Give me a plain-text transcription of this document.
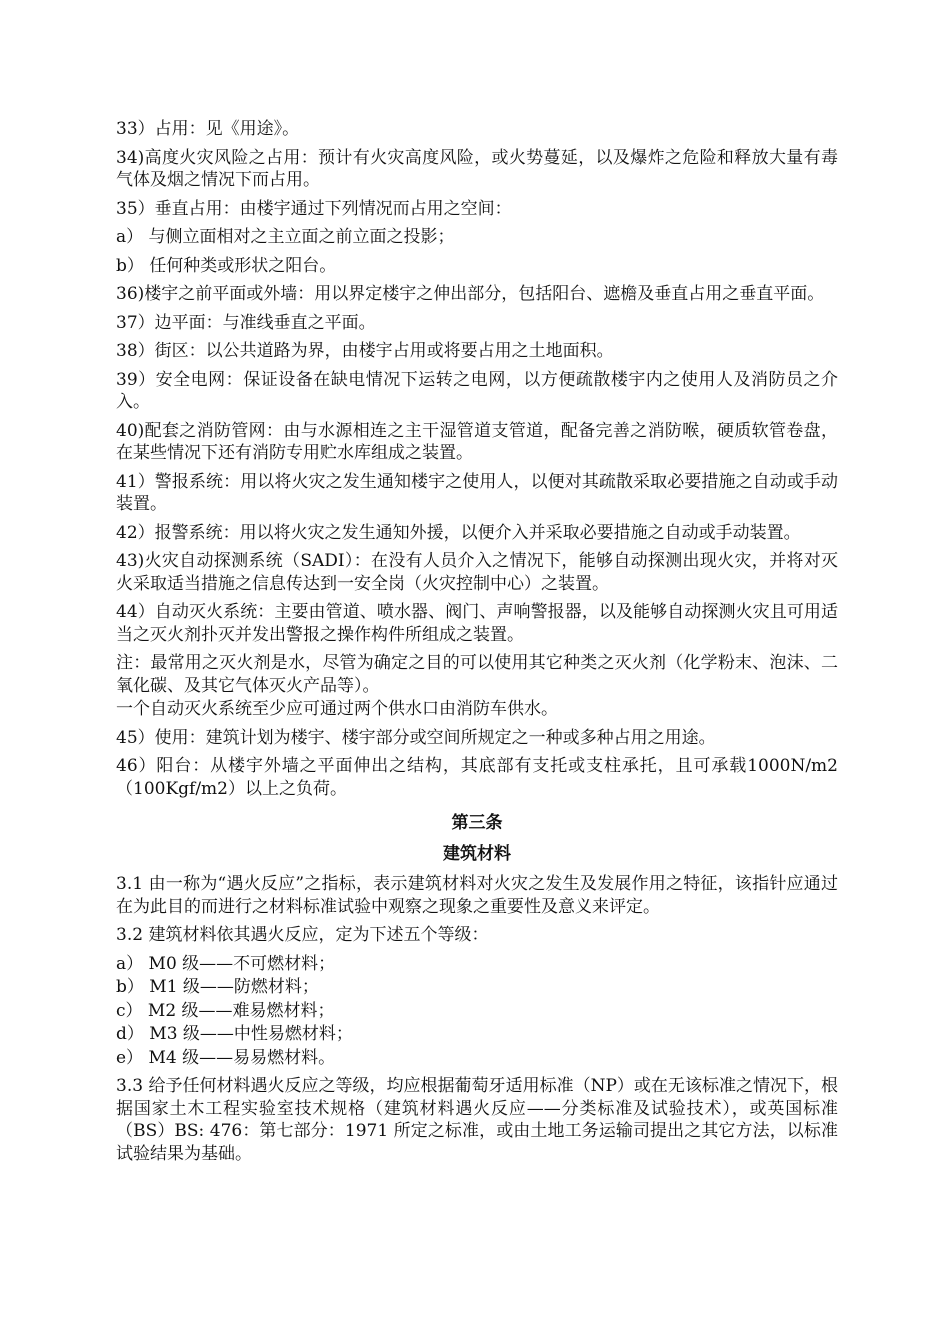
33）占用：见《用途》。

34)高度火灾风险之占用：预计有火灾高度风险，或火势蔓延，以及爆炸之危险和释放大量有毒气体及烟之情况下而占用。

35）垂直占用：由楼宇通过下列情况而占用之空间：

a） 与侧立面相对之主立面之前立面之投影；

b） 任何种类或形状之阳台。

36)楼宇之前平面或外墙：用以界定楼宇之伸出部分，包括阳台、遮檐及垂直占用之垂直平面。

37）边平面：与准线垂直之平面。

38）街区：以公共道路为界，由楼宇占用或将要占用之土地面积。

39）安全电网：保证设备在缺电情况下运转之电网，以方便疏散楼宇内之使用人及消防员之介入。

40)配套之消防管网：由与水源相连之主干湿管道支管道，配备完善之消防喉，硬质软管卷盘，在某些情况下还有消防专用贮水库组成之装置。

41）警报系统：用以将火灾之发生通知楼宇之使用人，以便对其疏散采取必要措施之自动或手动装置。

42）报警系统：用以将火灾之发生通知外援，以便介入并采取必要措施之自动或手动装置。

43)火灾自动探测系统（SADI）：在没有人员介入之情况下，能够自动探测出现火灾，并将对灭火采取适当措施之信息传达到一安全岗（火灾控制中心）之装置。

44）自动灭火系统：主要由管道、喷水器、阀门、声响警报器，以及能够自动探测火灾且可用适当之灭火剂扑灭并发出警报之操作构件所组成之装置。

注：最常用之灭火剂是水，尽管为确定之目的可以使用其它种类之灭火剂（化学粉末、泡沫、二氧化碳、及其它气体灭火产品等）。

一个自动灭火系统至少应可通过两个供水口由消防车供水。

45）使用：建筑计划为楼宇、楼宇部分或空间所规定之一种或多种占用之用途。

46）阳台：从楼宇外墙之平面伸出之结构，其底部有支托或支柱承托，且可承载1000N/m2（100Kgf/m2）以上之负荷。

第三条
建筑材料

3.1 由一称为“遇火反应”之指标，表示建筑材料对火灾之发生及发展作用之特征，该指针应通过在为此目的而进行之材料标准试验中观察之现象之重要性及意义来评定。

3.2 建筑材料依其遇火反应，定为下述五个等级：

a） M0 级——不可燃材料；

b） M1 级——防燃材料；

c） M2 级——难易燃材料；

d） M3 级——中性易燃材料；

e） M4 级——易易燃材料。

3.3 给予任何材料遇火反应之等级，均应根据葡萄牙适用标准（NP）或在无该标准之情况下，根据国家土木工程实验室技术规格（建筑材料遇火反应——分类标准及试验技术），或英国标准（BS）BS: 476：第七部分：1971 所定之标准，或由土地工务运输司提出之其它方法，以标准试验结果为基础。
